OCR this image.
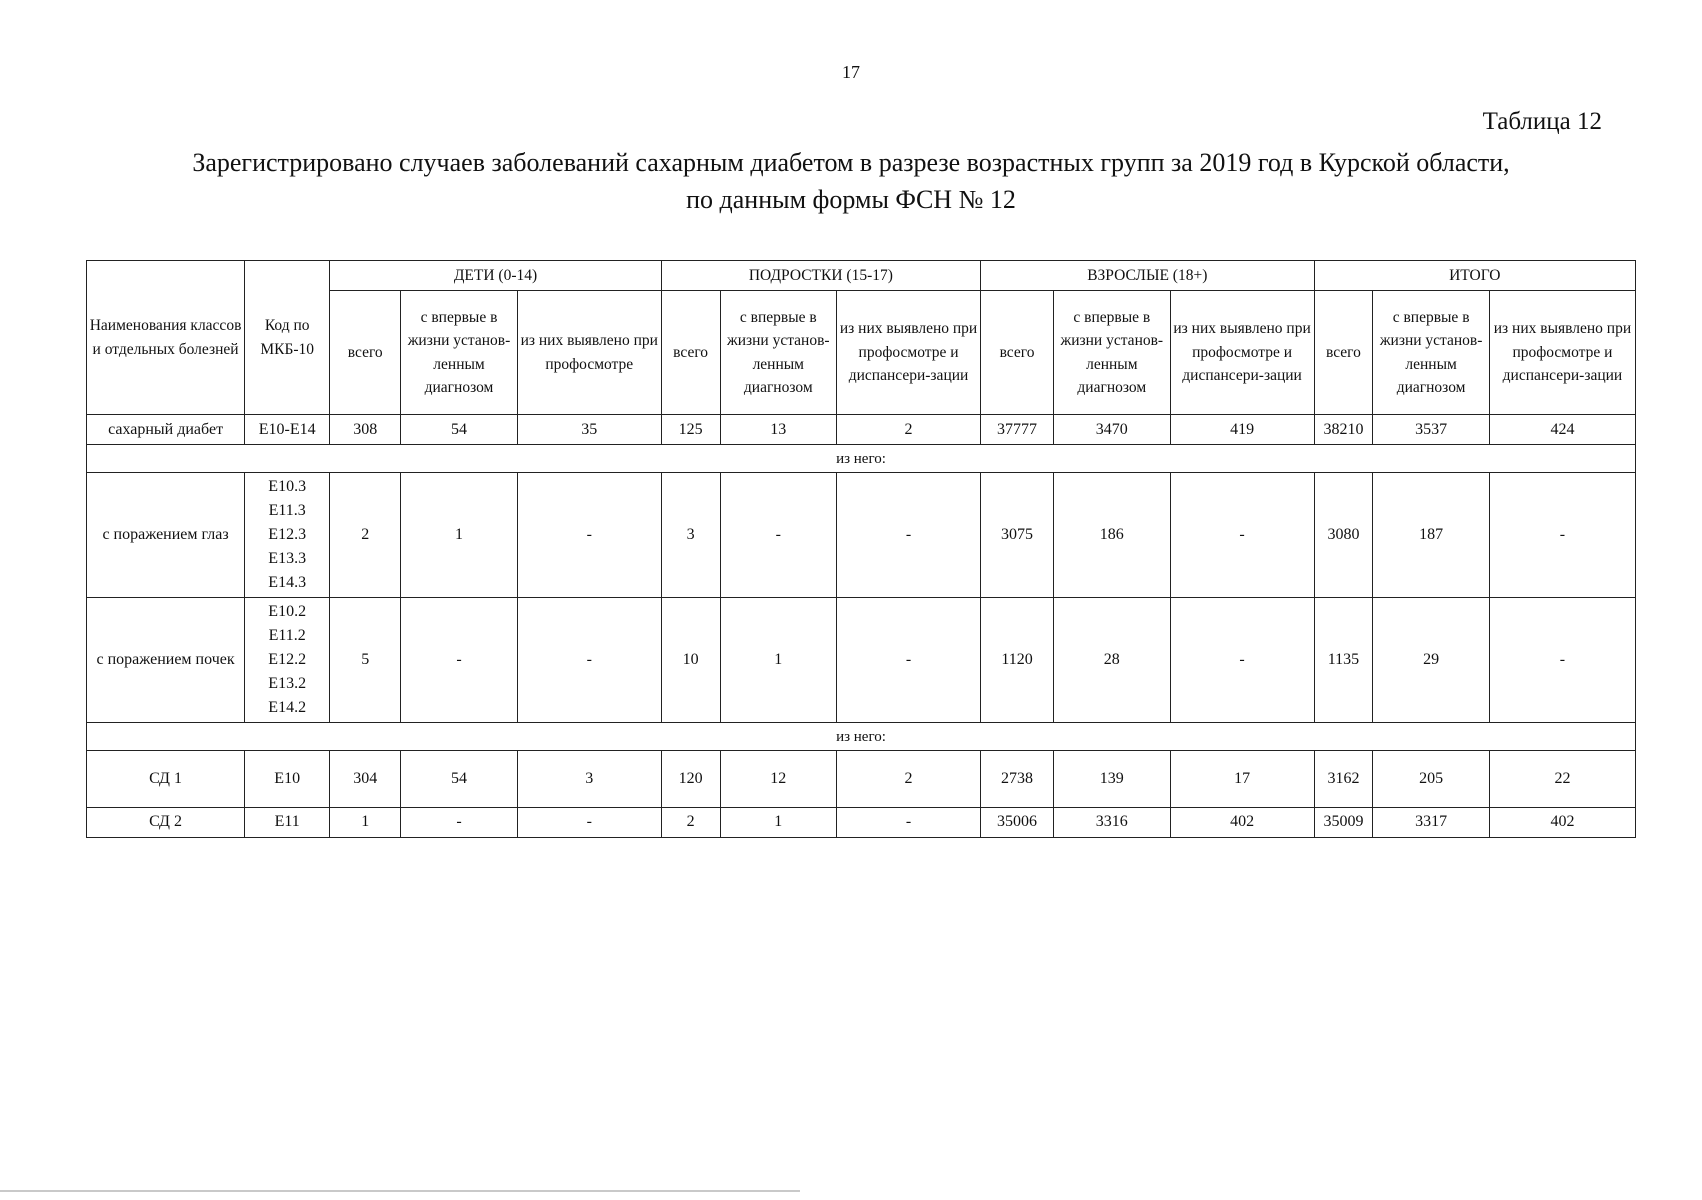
17
Таблица 12
Зарегистрировано случаев заболеваний сахарным диабетом в разрезе возрастных групп за 2019 год в Курской области,
по данным формы ФСН № 12
Наименования классов и отдельных болезней	Код по МКБ-10	ДЕТИ (0-14)			ПОДРОСТКИ (15-17)			ВЗРОСЛЫЕ (18+)			ИТОГО		
		всего	с впервые в жизни установ-ленным диагнозом	из них выявлено при профосмотре	всего	с впервые в жизни установ-ленным диагнозом	из них выявлено при профосмотре и диспансери-зации	всего	с впервые в жизни установ-ленным диагнозом	из них выявлено при профосмотре и диспансери-зации	всего	с впервые в жизни установ-ленным диагнозом	из них выявлено при профосмотре и диспансери-зации
сахарный диабет	E10-E14	308	54	35	125	13	2	37777	3470	419	38210	3537	424
из него:													
с поражением глаз	E10.3
E11.3
E12.3
E13.3
E14.3	2	1	-	3	-	-	3075	186	-	3080	187	-
с поражением почек	E10.2
E11.2
E12.2
E13.2
E14.2	5	-	-	10	1	-	1120	28	-	1135	29	-
из него:													
СД 1	E10	304	54	3	120	12	2	2738	139	17	3162	205	22
СД 2	E11	1	-	-	2	1	-	35006	3316	402	35009	3317	402
